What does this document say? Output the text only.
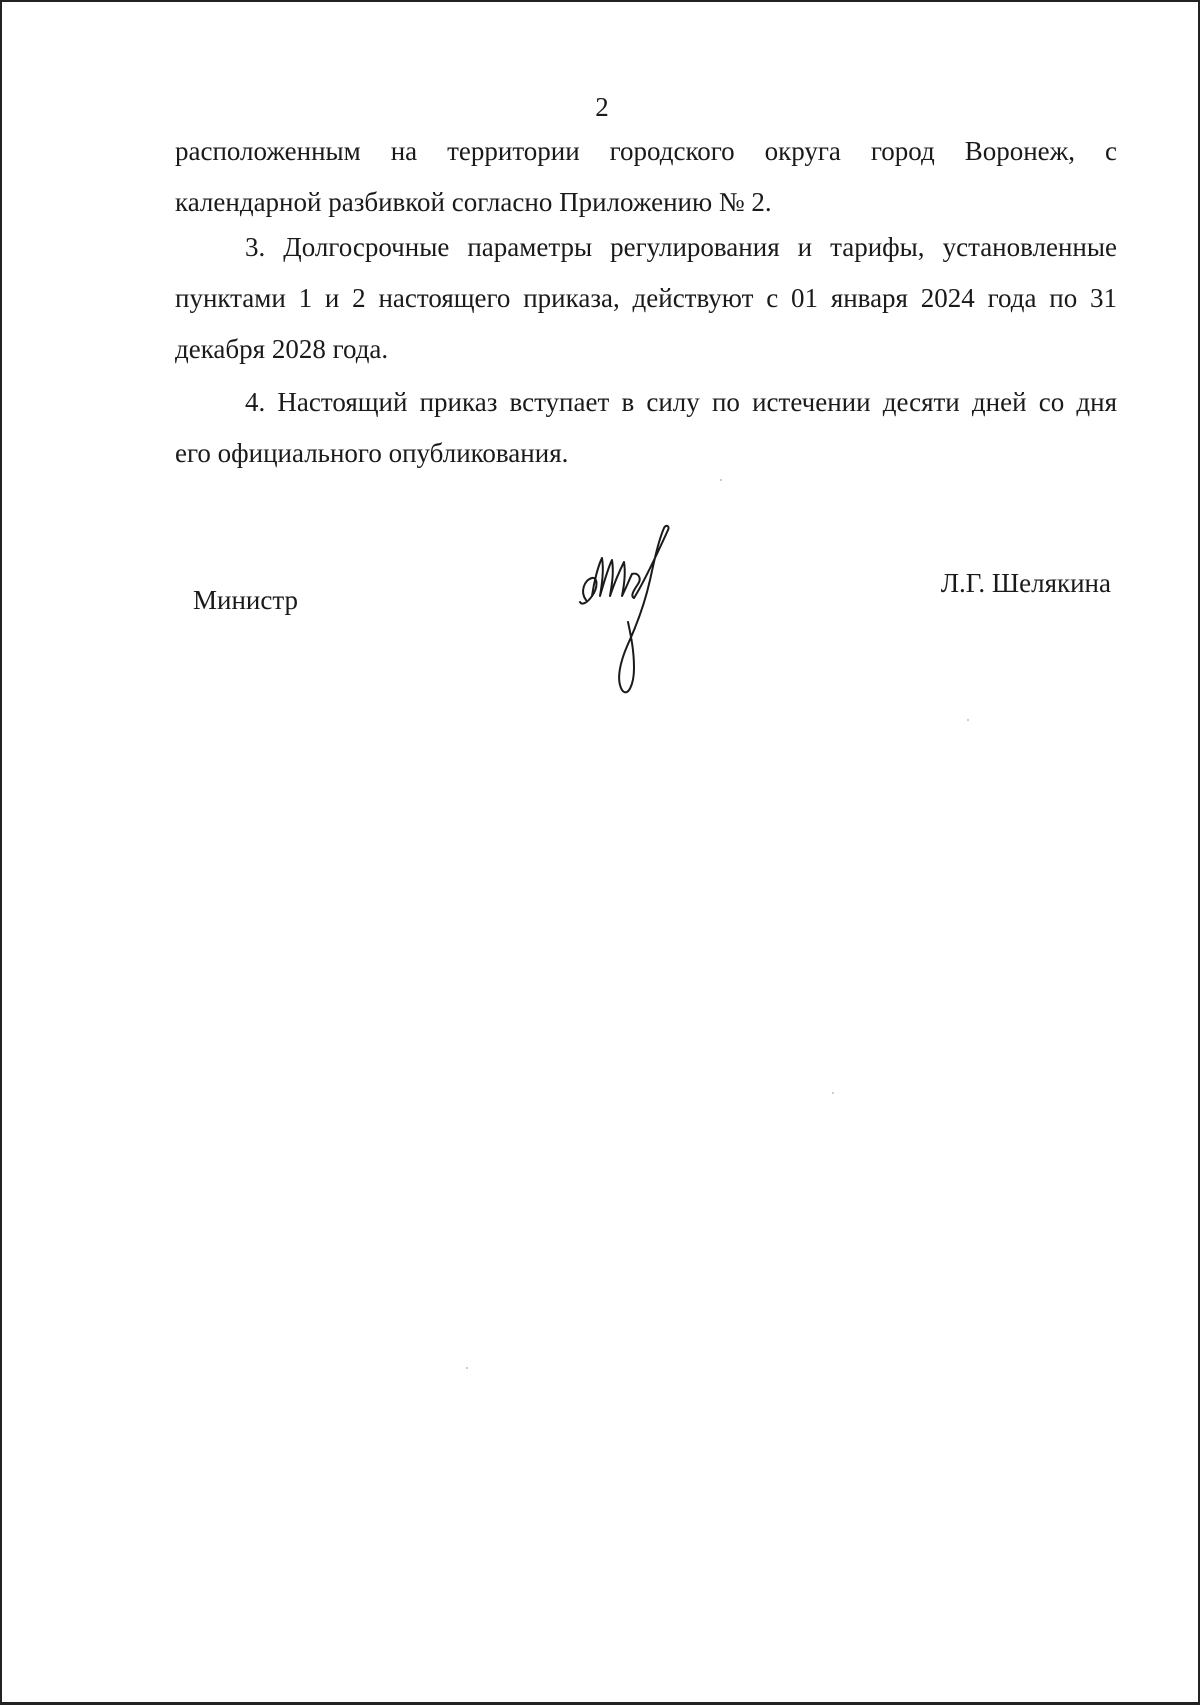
2
расположенным на территории городского округа город Воронеж, с
календарной разбивкой согласно Приложению № 2.
3. Долгосрочные параметры регулирования и тарифы, установленные
пунктами 1 и 2 настоящего приказа, действуют с 01 января 2024 года по 31
декабря 2028 года.
4. Настоящий приказ вступает в силу по истечении десяти дней со дня
его официального опубликования.
Министр
Л.Г. Шелякина
